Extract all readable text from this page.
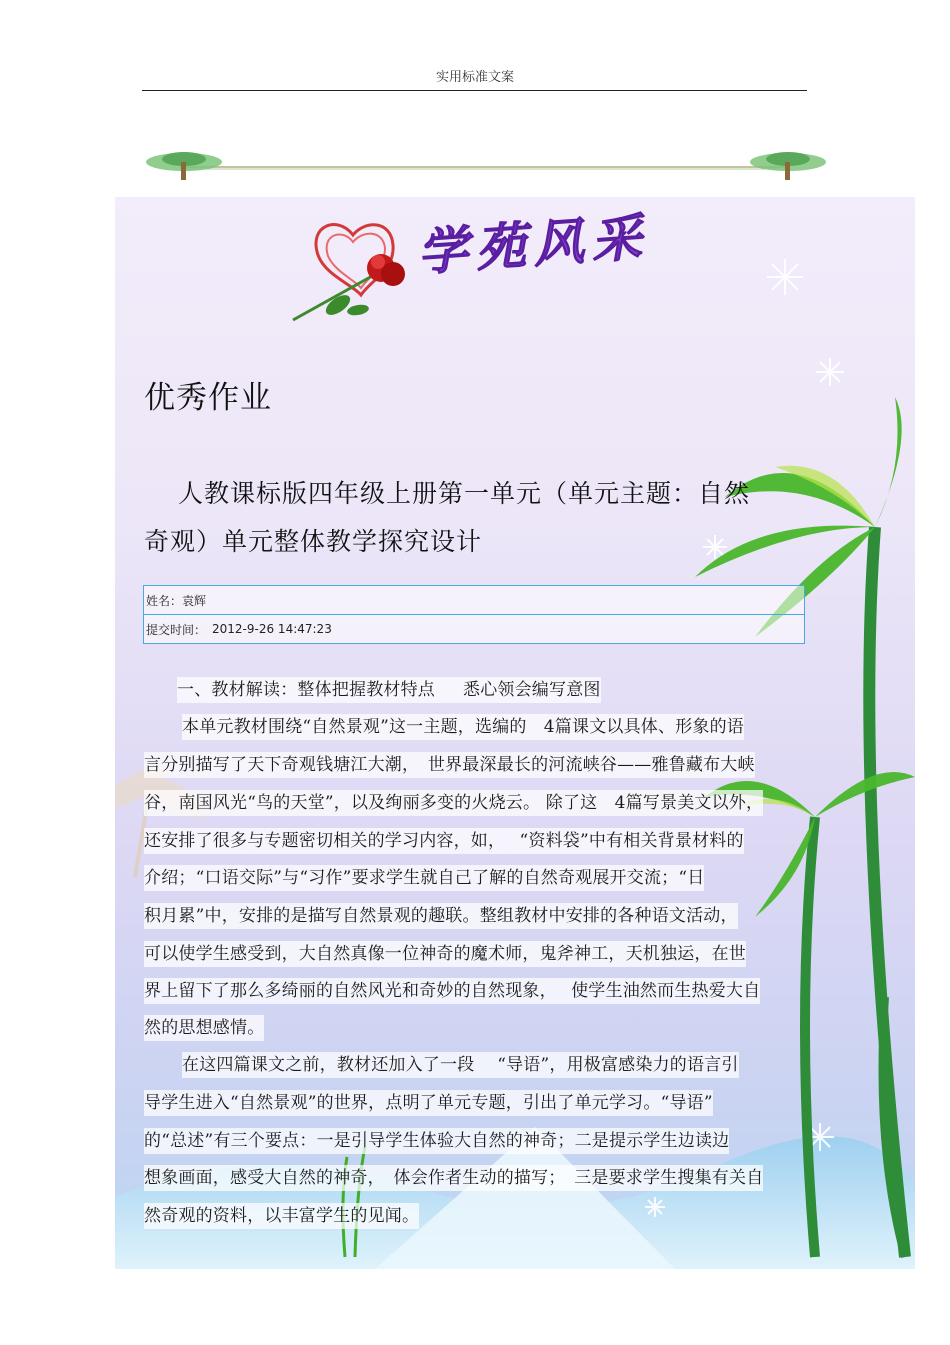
实用标准文案
学苑风采
优秀作业
人教课标版四年级上册第一单元（单元主题：自然
奇观）单元整体教学探究设计
姓名： 袁辉
提交时间： 2012-9-26 14:47:23
一、教材解读：整体把握教材特点 悉心领会编写意图
本单元教材围绕“自然景观”这一主题，选编的　4篇课文以具体、形象的语
言分别描写了天下奇观钱塘江大潮，　世界最深最长的河流峡谷——雅鲁藏布大峡
谷，南国风光“鸟的天堂”，以及绚丽多变的火烧云。 除了这　4篇写景美文以外，
还安排了很多与专题密切相关的学习内容，如，　 “资料袋”中有相关背景材料的
介绍；“口语交际”与“习作”要求学生就自己了解的自然奇观展开交流；“日
积月累”中，安排的是描写自然景观的趣联。整组教材中安排的各种语文活动，
可以使学生感受到，大自然真像一位神奇的魔术师，鬼斧神工，天机独运，在世
界上留下了那么多绮丽的自然风光和奇妙的自然现象，　 使学生油然而生热爱大自
然的思想感情。
在这四篇课文之前，教材还加入了一段　 “导语”，用极富感染力的语言引
导学生进入“自然景观”的世界，点明了单元专题，引出了单元学习。“导语”
的“总述”有三个要点：一是引导学生体验大自然的神奇；二是提示学生边读边
想象画面，感受大自然的神奇，　体会作者生动的描写；　三是要求学生搜集有关自
然奇观的资料，以丰富学生的见闻。
